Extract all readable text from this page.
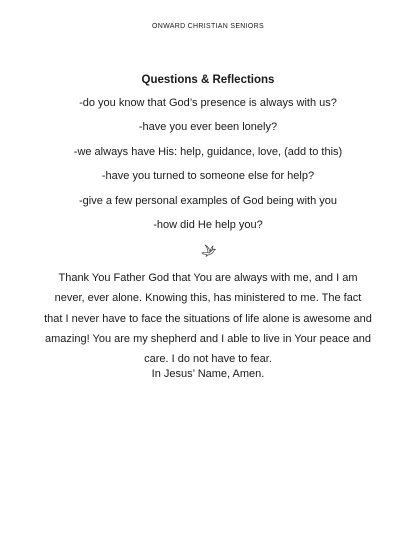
ONWARD CHRISTIAN SENIORS
Questions & Reflections
-do you know that God’s presence is always with us?
-have you ever been lonely?
-we always have His: help, guidance, love, (add to this)
-have you turned to someone else for help?
-give a few personal examples of God being with you
-how did He help you?

Thank You Father God that You are always with me, and I am never, ever alone. Knowing this, has ministered to me. The fact that I never have to face the situations of life alone is awesome and amazing! You are my shepherd and I able to live in Your peace and care. I do not have to fear.

In Jesus’ Name, Amen.
